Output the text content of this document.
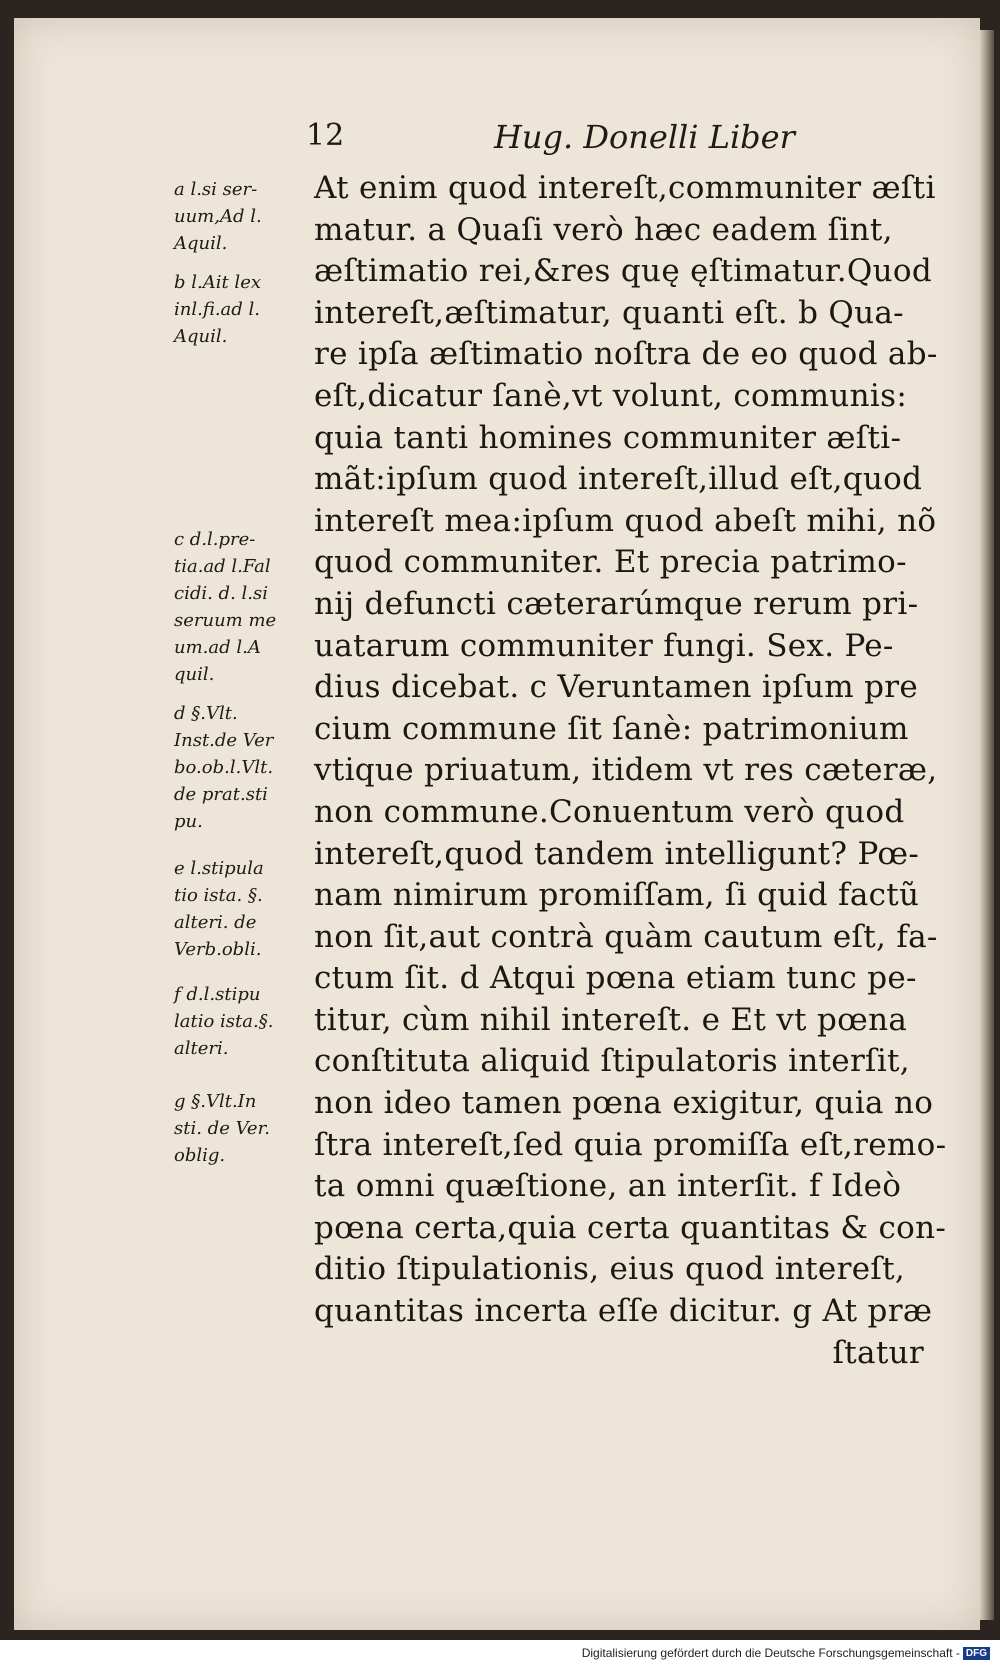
12	Hug. Donelli Liber

a l.si ser-
uum,Ad l.
Aquil.

b l.Ait lex
inl.fi.ad l.
Aquil.

c d.l.pre-
tia.ad l.Fal
cidi. d. l.si
seruum me
um.ad l.A
quil.

d §.Vlt.
Inst.de Ver
bo.ob.l.Vlt.
de prat.sti
pu.

e l.stipula
tio ista. §.
alteri. de
Verb.obli.

f d.l.stipu
latio ista.§.
alteri.

g §.Vlt.In
sti. de Ver.
oblig.

At enim quod intereſt,communiter æſti
matur. a Quaſi verò hæc eadem ſint,
æſtimatio rei,&res quę ęſtimatur.Quod
intereſt,æſtimatur, quanti eſt. b Qua-
re ipſa æſtimatio noſtra de eo quod ab-
eſt,dicatur ſanè,vt volunt, communis:
quia tanti homines communiter æſti-
mãt:ipſum quod intereſt,illud eſt,quod
intereſt mea:ipſum quod abeſt mihi, nõ
quod communiter. Et precia patrimo-
nij defuncti cæterarúmque rerum pri-
uatarum communiter fungi. Sex. Pe-
dius dicebat. c Veruntamen ipſum pre
cium commune ſit ſanè: patrimonium
vtique priuatum, itidem vt res cæteræ,
non commune.Conuentum verò quod
intereſt,quod tandem intelligunt? Pœ-
nam nimirum promiſſam, ſi quid factũ
non ſit,aut contrà quàm cautum eſt, fa-
ctum ſit. d Atqui pœna etiam tunc pe-
titur, cùm nihil intereſt. e Et vt pœna
conſtituta aliquid ſtipulatoris interſit,
non ideo tamen pœna exigitur, quia no
ſtra intereſt,ſed quia promiſſa eſt,remo-
ta omni quæſtione, an interſit. f Ideò
pœna certa,quia certa quantitas & con-
ditio ſtipulationis, eius quod intereſt,
quantitas incerta eſſe dicitur. g At præ
ſtatur
Digitalisierung gefördert durch die Deutsche Forschungsgemeinschaft - DFG
